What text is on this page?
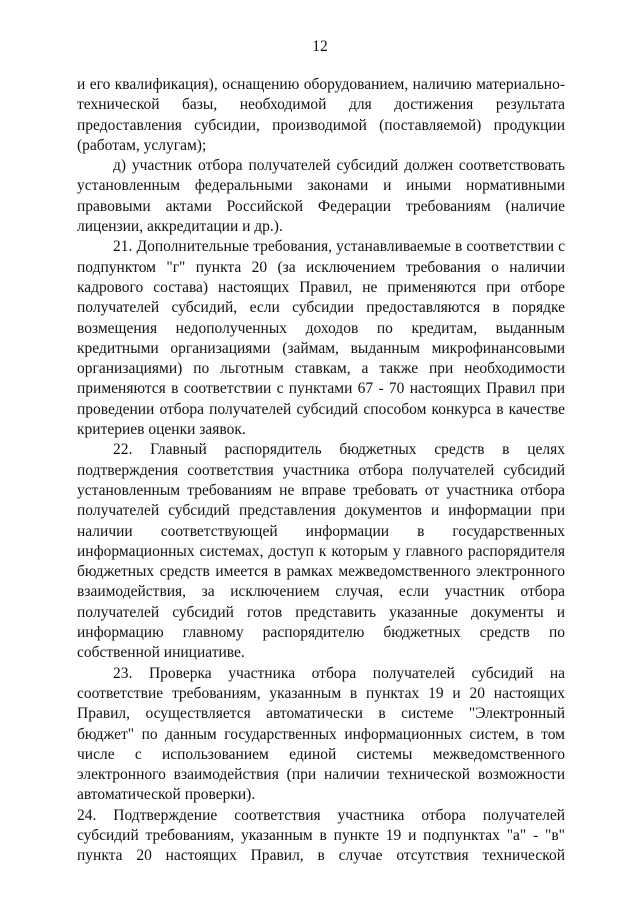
12

и его квалификация), оснащению оборудованием, наличию материально-технической базы, необходимой для достижения результата предоставления субсидии, производимой (поставляемой) продукции (работам, услугам);

д) участник отбора получателей субсидий должен соответствовать установленным федеральными законами и иными нормативными правовыми актами Российской Федерации требованиям (наличие лицензии, аккредитации и др.).

21. Дополнительные требования, устанавливаемые в соответствии с подпунктом "г" пункта 20 (за исключением требования о наличии кадрового состава) настоящих Правил, не применяются при отборе получателей субсидий, если субсидии предоставляются в порядке возмещения недополученных доходов по кредитам, выданным кредитными организациями (займам, выданным микрофинансовыми организациями) по льготным ставкам, а также при необходимости применяются в соответствии с пунктами 67 - 70 настоящих Правил при проведении отбора получателей субсидий способом конкурса в качестве критериев оценки заявок.

22. Главный распорядитель бюджетных средств в целях подтверждения соответствия участника отбора получателей субсидий установленным требованиям не вправе требовать от участника отбора получателей субсидий представления документов и информации при наличии соответствующей информации в государственных информационных системах, доступ к которым у главного распорядителя бюджетных средств имеется в рамках межведомственного электронного взаимодействия, за исключением случая, если участник отбора получателей субсидий готов представить указанные документы и информацию главному распорядителю бюджетных средств по собственной инициативе.

23. Проверка участника отбора получателей субсидий на соответствие требованиям, указанным в пунктах 19 и 20 настоящих Правил, осуществляется автоматически в системе "Электронный бюджет" по данным государственных информационных систем, в том числе с использованием единой системы межведомственного электронного взаимодействия (при наличии технической возможности автоматической проверки).

24. Подтверждение соответствия участника отбора получателей субсидий требованиям, указанным в пункте 19 и подпунктах "а" - "в" пункта 20 настоящих Правил, в случае отсутствия технической
